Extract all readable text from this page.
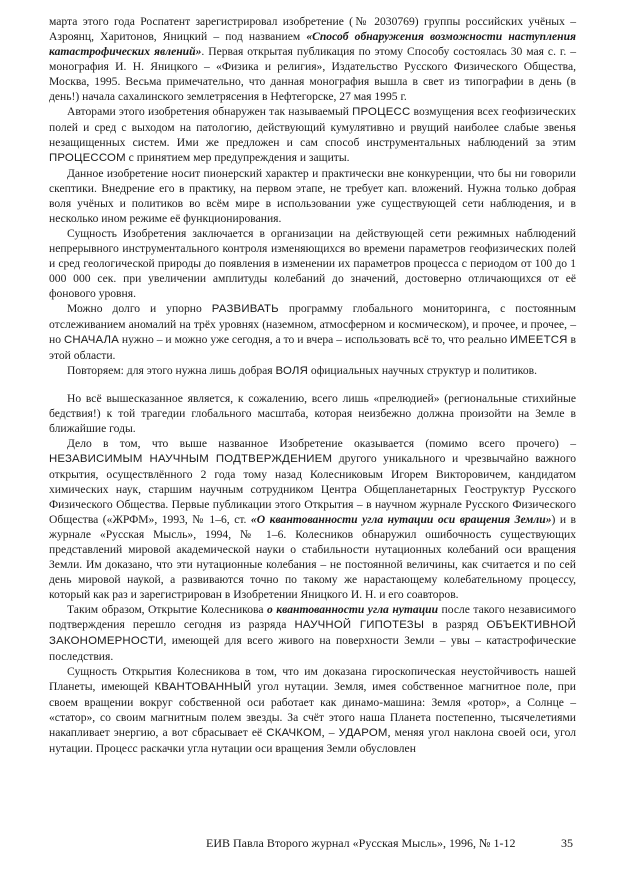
марта этого года Роспатент зарегистрировал изобретение (№ 2030769) группы российских учёных – Азроянц, Харитонов, Яницкий – под названием «Способ обнаружения возможности наступления катастрофических явлений». Первая открытая публикация по этому Способу состоялась 30 мая с. г. – монография И. Н. Яницкого – «Физика и религия», Издательство Русского Физического Общества, Москва, 1995. Весьма примечательно, что данная монография вышла в свет из типографии в день (в день!) начала сахалинского землетрясения в Нефтегорске, 27 мая 1995 г.

Авторами этого изобретения обнаружен так называемый ПРОЦЕСС возмущения всех геофизических полей и сред с выходом на патологию, действующий кумулятивно и рвущий наиболее слабые звенья незащищенных систем. Ими же предложен и сам способ инструментальных наблюдений за этим ПРОЦЕССОМ с принятием мер предупреждения и защиты.

Данное изобретение носит пионерский характер и практически вне конкуренции, что бы ни говорили скептики. Внедрение его в практику, на первом этапе, не требует кап. вложений. Нужна только добрая воля учёных и политиков во всём мире в использовании уже существующей сети наблюдения, и в несколько ином режиме её функционирования.

Сущность Изобретения заключается в организации на действующей сети режимных наблюдений непрерывного инструментального контроля изменяющихся во времени параметров геофизических полей и сред геологической природы до появления в изменении их параметров процесса с периодом от 100 до 1 000 000 сек. при увеличении амплитуды колебаний до значений, достоверно отличающихся от её фонового уровня.

Можно долго и упорно РАЗВИВАТЬ программу глобального мониторинга, с постоянным отслеживанием аномалий на трёх уровнях (наземном, атмосферном и космическом), и прочее, и прочее, – но СНАЧАЛА нужно – и можно уже сегодня, а то и вчера – использовать всё то, что реально ИМЕЕТСЯ в этой области.

Повторяем: для этого нужна лишь добрая ВОЛЯ официальных научных структур и политиков.

Но всё вышесказанное является, к сожалению, всего лишь «прелюдией» (региональные стихийные бедствия!) к той трагедии глобального масштаба, которая неизбежно должна произойти на Земле в ближайшие годы.

Дело в том, что выше названное Изобретение оказывается (помимо всего прочего) – НЕЗАВИСИМЫМ НАУЧНЫМ ПОДТВЕРЖДЕНИЕМ другого уникального и чрезвычайно важного открытия, осуществлённого 2 года тому назад Колесниковым Игорем Викторовичем, кандидатом химических наук, старшим научным сотрудником Центра Общепланетарных Геоструктур Русского Физического Общества. Первые публикации этого Открытия – в научном журнале Русского Физического Общества («ЖРФМ», 1993, № 1–6, ст. «О квантованности угла нутации оси вращения Земли») и в журнале «Русская Мысль», 1994, № 1–6. Колесников обнаружил ошибочность существующих представлений мировой академической науки о стабильности нутационных колебаний оси вращения Земли. Им доказано, что эти нутационные колебания – не постоянной величины, как считается и по сей день мировой наукой, а развиваются точно по такому же нарастающему колебательному процессу, который как раз и зарегистрирован в Изобретении Яницкого И. Н. и его соавторов.

Таким образом, Открытие Колесникова о квантованности угла нутации после такого независимого подтверждения перешло сегодня из разряда НАУЧНОЙ ГИПОТЕЗЫ в разряд ОБЪЕКТИВНОЙ ЗАКОНОМЕРНОСТИ, имеющей для всего живого на поверхности Земли – увы – катастрофические последствия.

Сущность Открытия Колесникова в том, что им доказана гироскопическая неустойчивость нашей Планеты, имеющей КВАНТОВАННЫЙ угол нутации. Земля, имея собственное магнитное поле, при своем вращении вокруг собственной оси работает как динамо-машина: Земля «ротор», а Солнце – «статор», со своим магнитным полем звезды. За счёт этого наша Планета постепенно, тысячелетиями накапливает энергию, а вот сбрасывает её СКАЧКОМ, – УДАРОМ, меняя угол наклона своей оси, угол нутации. Процесс раскачки угла нутации оси вращения Земли обусловлен

ЕИВ Павла Второго журнал «Русская Мысль», 1996, № 1-12	35
